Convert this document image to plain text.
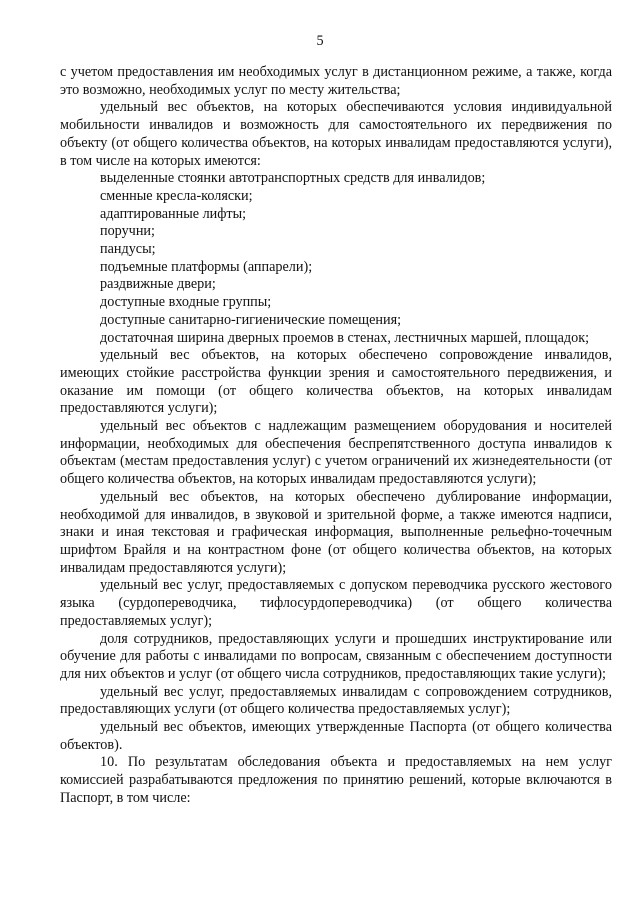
5

с учетом предоставления им необходимых услуг в дистанционном режиме, а также, когда это возможно, необходимых услуг по месту жительства;

удельный вес объектов, на которых обеспечиваются условия индивидуальной мобильности инвалидов и возможность для самостоятельного их передвижения по объекту (от общего количества объектов, на которых инвалидам предоставляются услуги), в том числе на которых имеются:

выделенные стоянки автотранспортных средств для инвалидов;

сменные кресла-коляски;

адаптированные лифты;

поручни;

пандусы;

подъемные платформы (аппарели);

раздвижные двери;

доступные входные группы;

доступные санитарно-гигиенические помещения;

достаточная ширина дверных проемов в стенах, лестничных маршей, площадок;

удельный вес объектов, на которых обеспечено сопровождение инвалидов, имеющих стойкие расстройства функции зрения и самостоятельного передвижения, и оказание им помощи (от общего количества объектов, на которых инвалидам предоставляются услуги);

удельный вес объектов с надлежащим размещением оборудования и носителей информации, необходимых для обеспечения беспрепятственного доступа инвалидов к объектам (местам предоставления услуг) с учетом ограничений их жизнедеятельности (от общего количества объектов, на которых инвалидам предоставляются услуги);

удельный вес объектов, на которых обеспечено дублирование информации, необходимой для инвалидов, в звуковой и зрительной форме, а также имеются надписи, знаки и иная текстовая и графическая информация, выполненные рельефно-точечным шрифтом Брайля и на контрастном фоне (от общего количества объектов, на которых инвалидам предоставляются услуги);

удельный вес услуг, предоставляемых с допуском переводчика русского жестового языка (сурдопереводчика, тифлосурдопереводчика) (от общего количества предоставляемых услуг);

доля сотрудников, предоставляющих услуги и прошедших инструктирование или обучение для работы с инвалидами по вопросам, связанным с обеспечением доступности для них объектов и услуг (от общего числа сотрудников, предоставляющих такие услуги);

удельный вес услуг, предоставляемых инвалидам с сопровождением сотрудников, предоставляющих услуги (от общего количества предоставляемых услуг);

удельный вес объектов, имеющих утвержденные Паспорта (от общего количества объектов).

10. По результатам обследования объекта и предоставляемых на нем услуг комиссией разрабатываются предложения по принятию решений, которые включаются в Паспорт, в том числе:
